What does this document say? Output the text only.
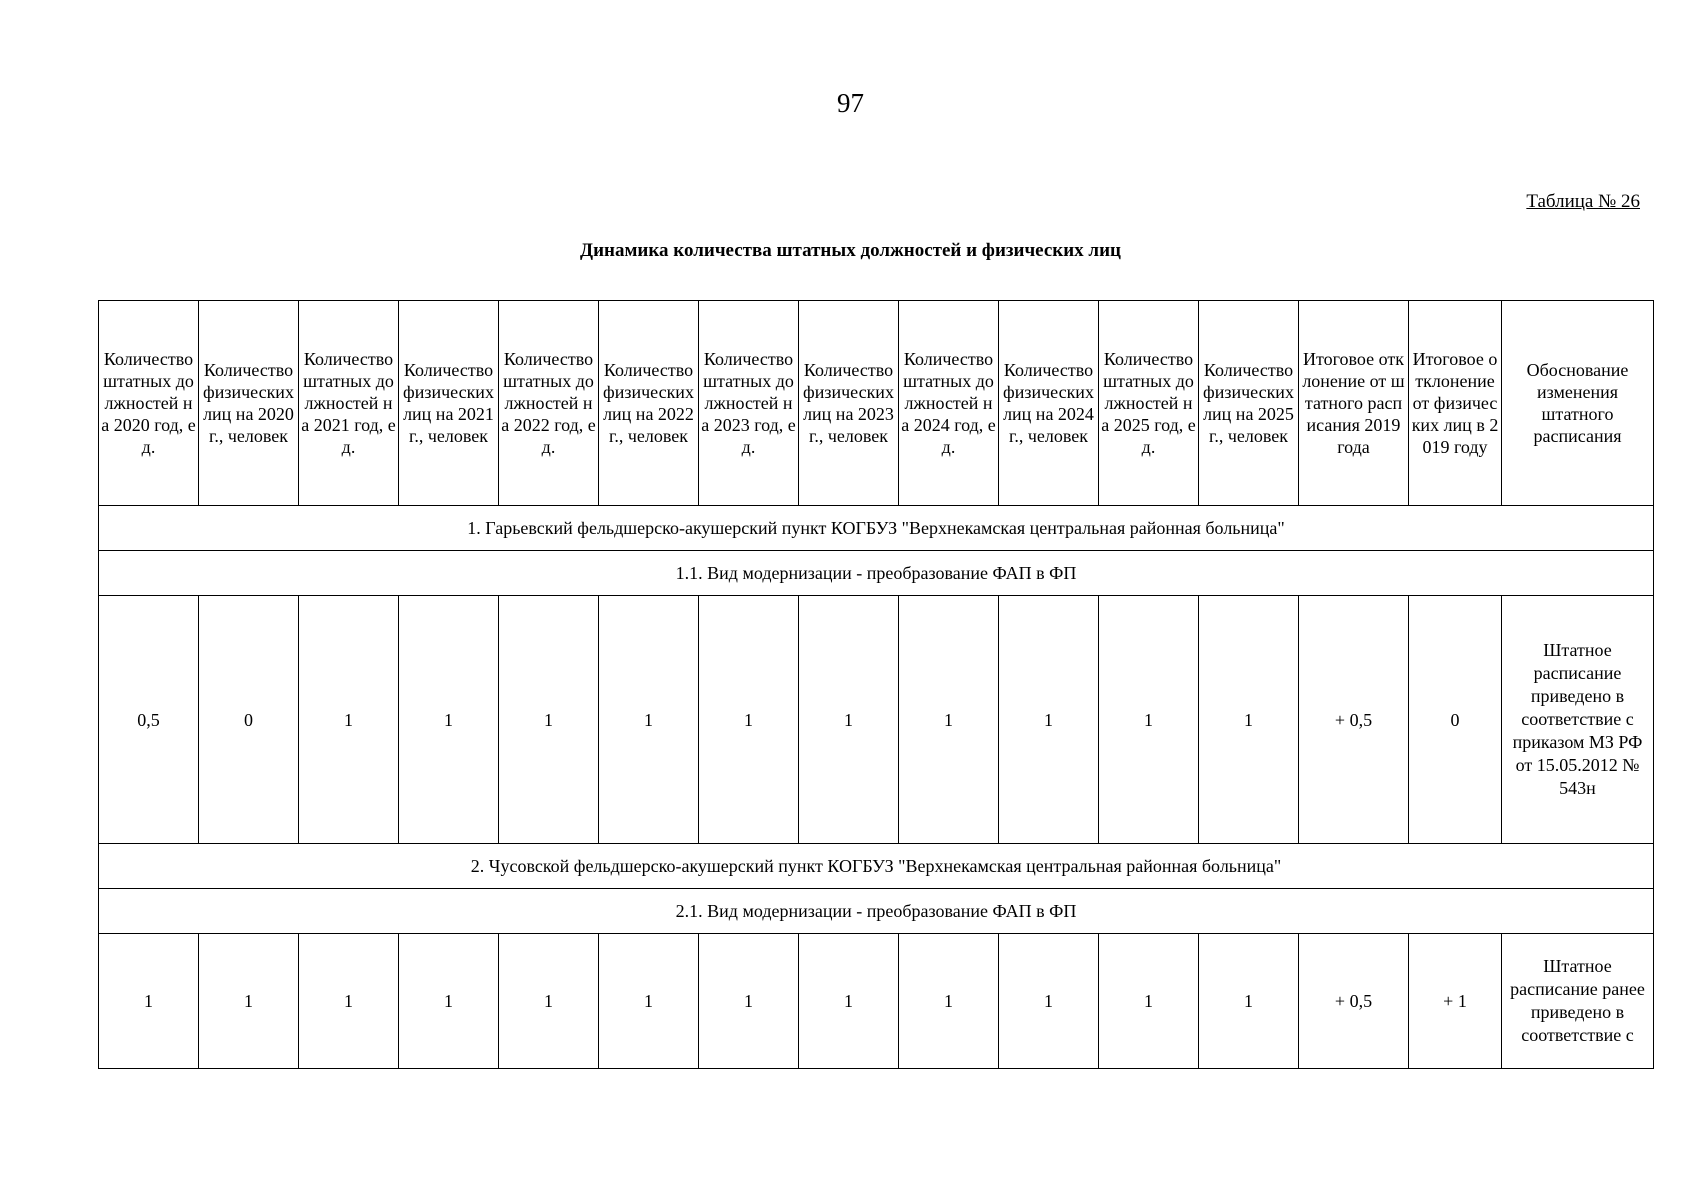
97
Таблица № 26
Динамика количества штатных должностей и физических лиц
Количество штатных должностей на 2020 год, ед.	Количество физических лиц на 2020 г., человек	Количество штатных должностей на 2021 год, ед.	Количество физических лиц на 2021 г., человек	Количество штатных должностей на 2022 год, ед.	Количество физических лиц на 2022 г., человек	Количество штатных должностей на 2023 год, ед.	Количество физических лиц на 2023 г., человек	Количество штатных должностей на 2024 год, ед.	Количество физических лиц на 2024 г., человек	Количество штатных должностей на 2025 год, ед.	Количество физических лиц на 2025 г., человек	Итоговое отклонение от штатного расписания 2019 года	Итоговое отклонение от физических лиц в 2019 году	Обоснование изменения штатного расписания
1. Гарьевский фельдшерско-акушерский пункт КОГБУЗ "Верхнекамская центральная районная больница"														
1.1. Вид модернизации - преобразование ФАП в ФП														
0,5	0	1	1	1	1	1	1	1	1	1	1	+ 0,5	0	Штатное расписание приведено в соответствие с приказом МЗ РФ от 15.05.2012 № 543н
2. Чусовской фельдшерско-акушерский пункт КОГБУЗ "Верхнекамская центральная районная больница"														
2.1. Вид модернизации - преобразование ФАП в ФП														
1	1	1	1	1	1	1	1	1	1	1	1	+ 0,5	+ 1	Штатное расписание ранее приведено в соответствие с
